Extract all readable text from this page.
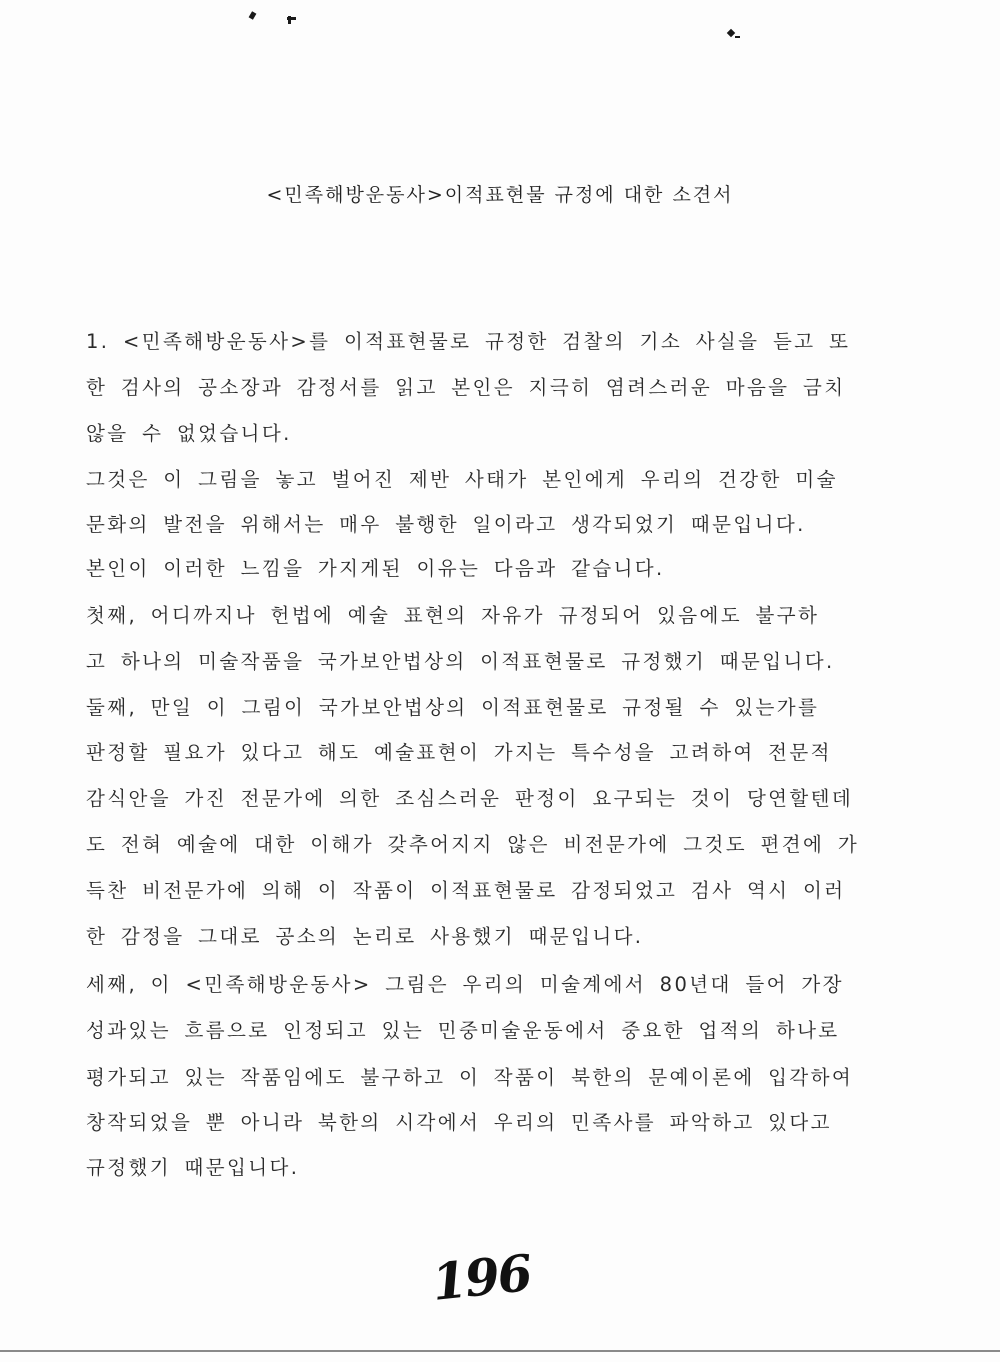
<민족해방운동사>이적표현물 규정에 대한 소견서
1. <민족해방운동사>를 이적표현물로 규정한 검찰의 기소 사실을 듣고 또
한 검사의 공소장과 감정서를 읽고 본인은 지극히 염려스러운 마음을 금치
않을 수 없었습니다.
그것은 이 그림을 놓고 벌어진 제반 사태가 본인에게 우리의 건강한 미술
문화의 발전을 위해서는 매우 불행한 일이라고 생각되었기 때문입니다.
본인이 이러한 느낌을 가지게된 이유는 다음과 같습니다.
첫째, 어디까지나 헌법에 예술 표현의 자유가 규정되어 있음에도 불구하
고 하나의 미술작품을 국가보안법상의 이적표현물로 규정했기 때문입니다.
둘째, 만일 이 그림이 국가보안법상의 이적표현물로 규정될 수 있는가를
판정할 필요가 있다고 해도 예술표현이 가지는 특수성을 고려하여 전문적
감식안을 가진 전문가에 의한 조심스러운 판정이 요구되는 것이 당연할텐데
도 전혀 예술에 대한 이해가 갖추어지지 않은 비전문가에 그것도 편견에 가
득찬 비전문가에 의해 이 작품이 이적표현물로 감정되었고 검사 역시 이러
한 감정을 그대로 공소의 논리로 사용했기 때문입니다.
세째, 이 <민족해방운동사> 그림은 우리의 미술계에서 80년대 들어 가장
성과있는 흐름으로 인정되고 있는 민중미술운동에서 중요한 업적의 하나로
평가되고 있는 작품임에도 불구하고 이 작품이 북한의 문예이론에 입각하여
창작되었을 뿐 아니라 북한의 시각에서 우리의 민족사를 파악하고 있다고
규정했기 때문입니다.
196
